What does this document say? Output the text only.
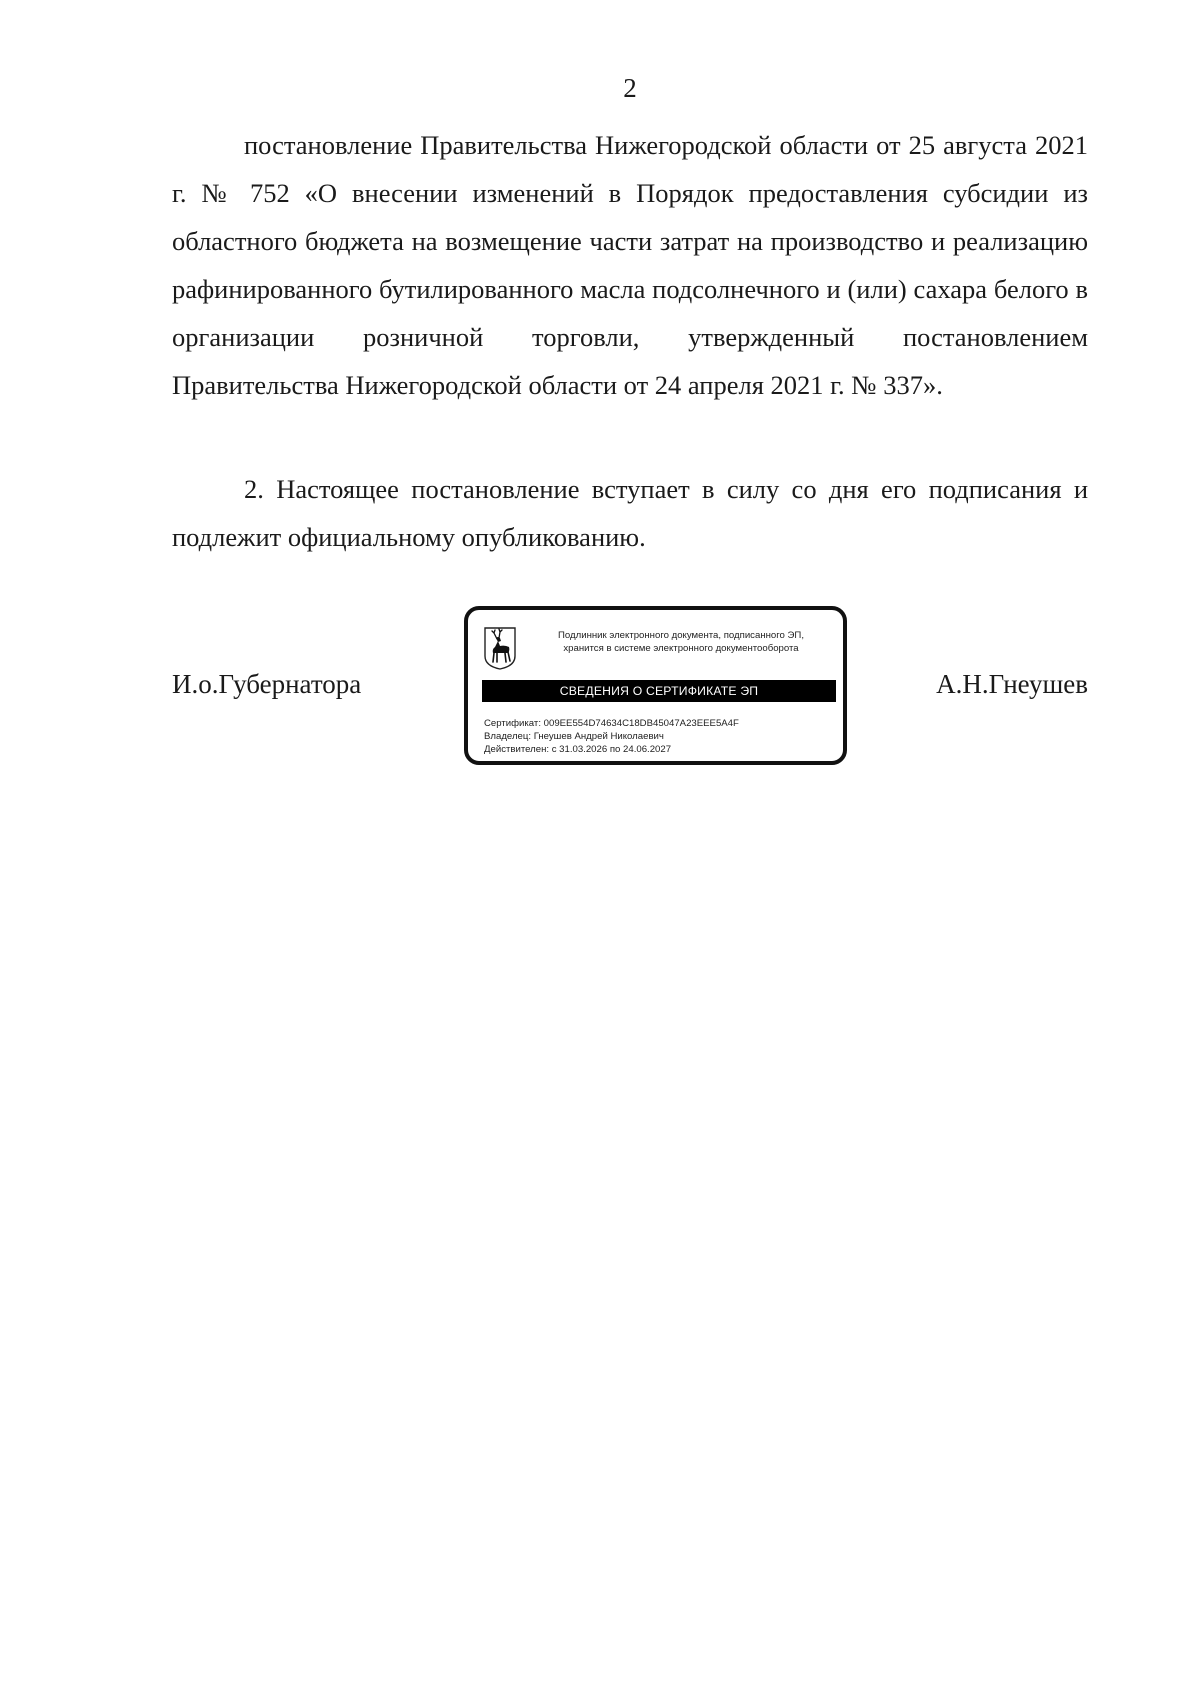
2

постановление Правительства Нижегородской области от 25 августа 2021 г. № 752 «О внесении изменений в Порядок предоставления субсидии из областного бюджета на возмещение части затрат на производство и реализацию рафинированного бутилированного масла подсолнечного и (или) сахара белого в организации розничной торговли, утвержденный постановлением Правительства Нижегородской области от 24 апреля 2021 г. № 337».

2. Настоящее постановление вступает в силу со дня его подписания и подлежит официальному опубликованию.

И.о.Губернатора
Подлинник электронного документа, подписанного ЭП,
хранится в системе электронного документооборота
СВЕДЕНИЯ О СЕРТИФИКАТЕ ЭП
Сертификат: 009EE554D74634C18DB45047A23EEE5A4F
Владелец: Гнеушев Андрей Николаевич
Действителен: с 31.03.2026 по 24.06.2027
А.Н.Гнеушев
